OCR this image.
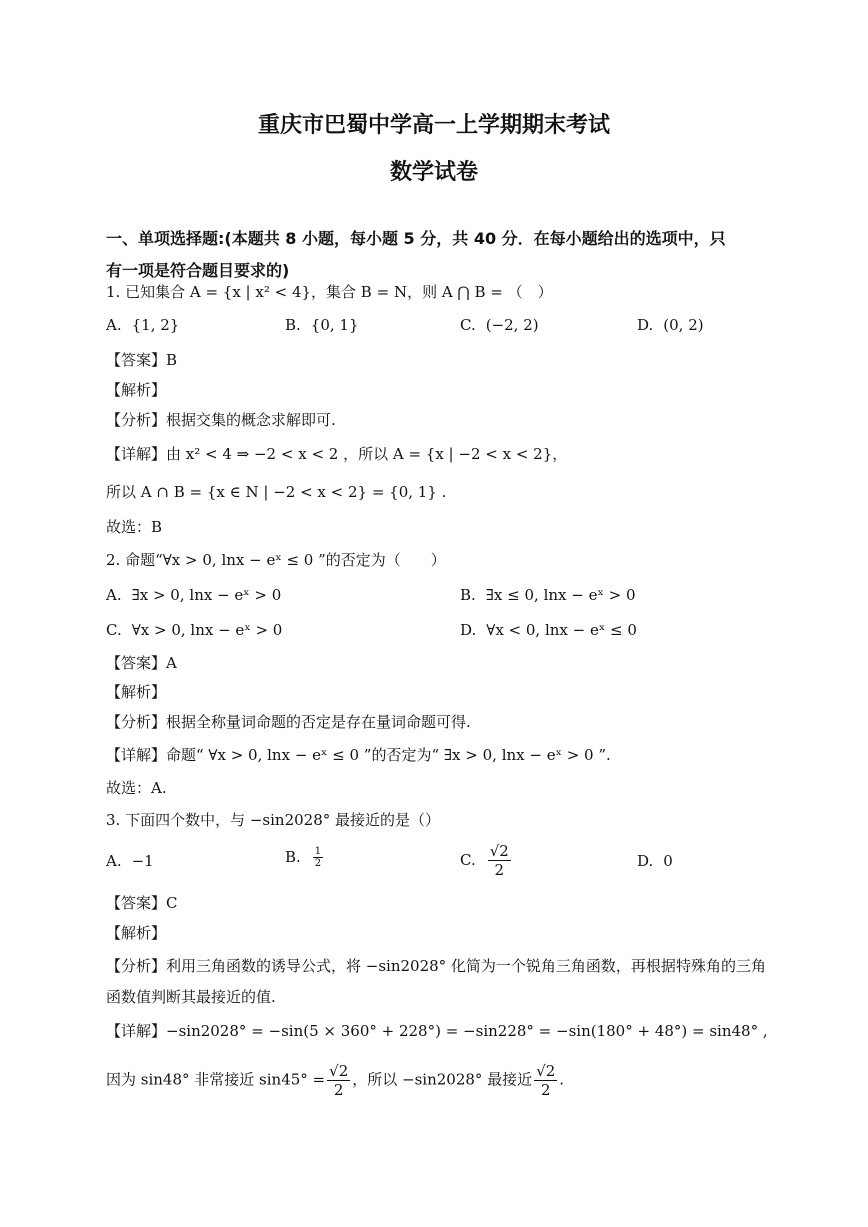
重庆市巴蜀中学高一上学期期末考试
数学试卷
一、单项选择题:(本题共 8 小题，每小题 5 分，共 40 分．在每小题给出的选项中，只
有一项是符合题目要求的)
1. 已知集合 A = {x | x² < 4}，集合 B = N，则 A ⋂ B = （　）
A. {1, 2}	B. {0, 1}	C. (−2, 2)	D. (0, 2)
【答案】B
【解析】
【分析】根据交集的概念求解即可.
【详解】由 x² < 4 ⇒ −2 < x < 2 ，所以 A = {x | −2 < x < 2}，
所以 A ∩ B = {x ∈ N | −2 < x < 2} = {0, 1} .
故选：B
2. 命题“∀x > 0, lnx − eˣ ≤ 0 ”的否定为（　　）
A. ∃x > 0, lnx − eˣ > 0	B. ∃x ≤ 0, lnx − eˣ > 0
C. ∀x > 0, lnx − eˣ > 0	D. ∀x < 0, lnx − eˣ ≤ 0
【答案】A
【解析】
【分析】根据全称量词命题的否定是存在量词命题可得.
【详解】命题“ ∀x > 0, lnx − eˣ ≤ 0 ”的否定为“ ∃x > 0, lnx − eˣ > 0 ”.
故选：A.
3. 下面四个数中，与 −sin2028° 最接近的是（）
A. −1	B. $\frac{1}{2}$	C. $\frac{√2}{2}$	D. 0
【答案】C
【解析】
【分析】利用三角函数的诱导公式，将 −sin2028° 化简为一个锐角三角函数，再根据特殊角的三角
函数值判断其最接近的值.
【详解】−sin2028° = −sin(5 × 360° + 228°) = −sin228° = −sin(180° + 48°) = sin48° ,
因为 sin48° 非常接近 $\sin 45^\circ = \frac{√2}{2}$ ，所以 −sin2028° 最接近 $\frac{√2}{2}$ .
